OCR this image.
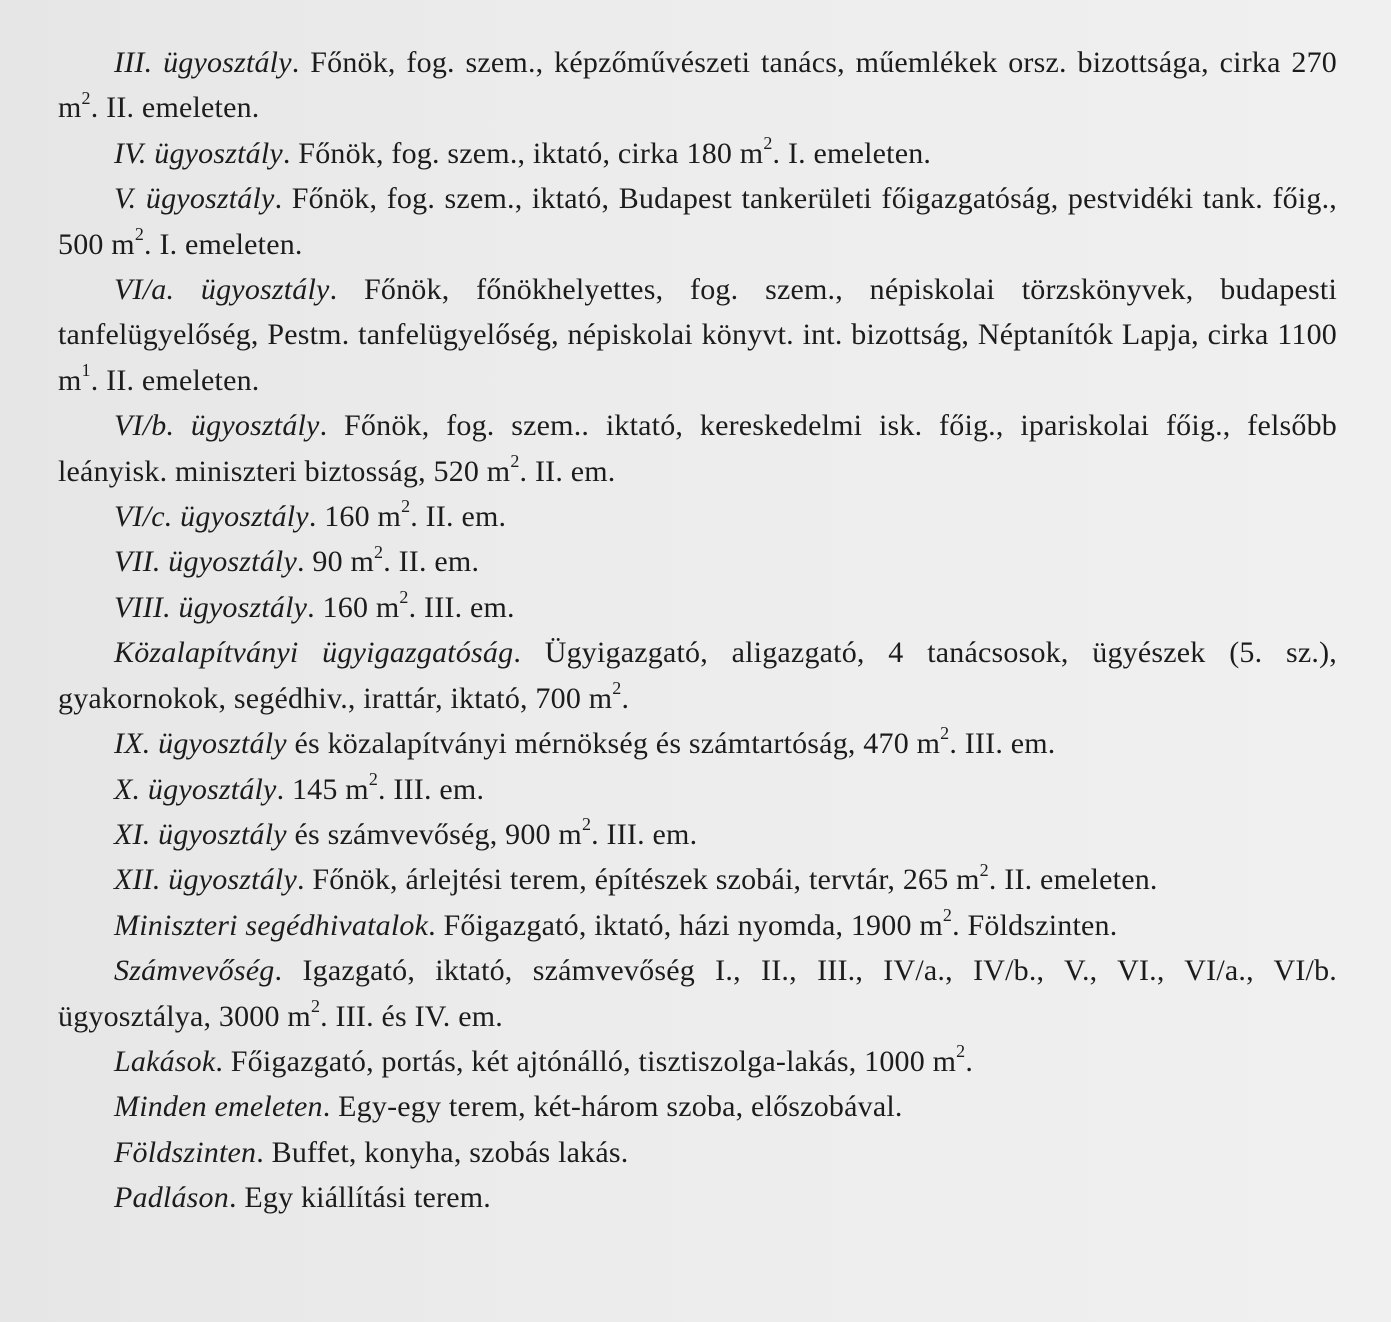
III. ügyosztály. Főnök, fog. szem., képzőművészeti tanács, műemlékek orsz. bizottsága, cirka 270 $m^2$. II. emeleten.

IV. ügyosztály. Főnök, fog. szem., iktató, cirka 180 $m^2$. I. emeleten.

V. ügyosztály. Főnök, fog. szem., iktató, Budapest tankerületi főigazgatóság, pestvidéki tank. főig., 500 $m^2$. I. emeleten.

VI/a. ügyosztály. Főnök, főnökhelyettes, fog. szem., népiskolai törzskönyvek, budapesti tanfelügyelőség, Pestm. tanfelügyelőség, népiskolai könyvt. int. bizottság, Néptanítók Lapja, cirka 1100 $m^1$. II. emeleten.

VI/b. ügyosztály. Főnök, fog. szem.. iktató, kereskedelmi isk. főig., ipariskolai főig., felsőbb leányisk. miniszteri biztosság, 520 $m^2$. II. em.

VI/c. ügyosztály. 160 $m^2$. II. em.

VII. ügyosztály. 90 $m^2$. II. em.

VIII. ügyosztály. 160 $m^2$. III. em.

Közalapítványi ügyigazgatóság. Ügyigazgató, aligazgató, 4 tanácsosok, ügyészek (5. sz.), gyakornokok, segédhiv., irattár, iktató, 700 $m^2$.

IX. ügyosztály és közalapítványi mérnökség és számtartóság, 470 $m^2$. III. em.

X. ügyosztály. 145 $m^2$. III. em.

XI. ügyosztály és számvevőség, 900 $m^2$. III. em.

XII. ügyosztály. Főnök, árlejtési terem, építészek szobái, tervtár, 265 $m^2$. II. emeleten.

Miniszteri segédhivatalok. Főigazgató, iktató, házi nyomda, 1900 $m^2$. Földszinten.

Számvevőség. Igazgató, iktató, számvevőség I., II., III., IV/a., IV/b., V., VI., VI/a., VI/b. ügyosztálya, 3000 $m^2$. III. és IV. em.

Lakások. Főigazgató, portás, két ajtónálló, tisztiszolga-lakás, 1000 $m^2$.

Minden emeleten. Egy-egy terem, két-három szoba, előszobával.

Földszinten. Buffet, konyha, szobás lakás.

Padláson. Egy kiállítási terem.
